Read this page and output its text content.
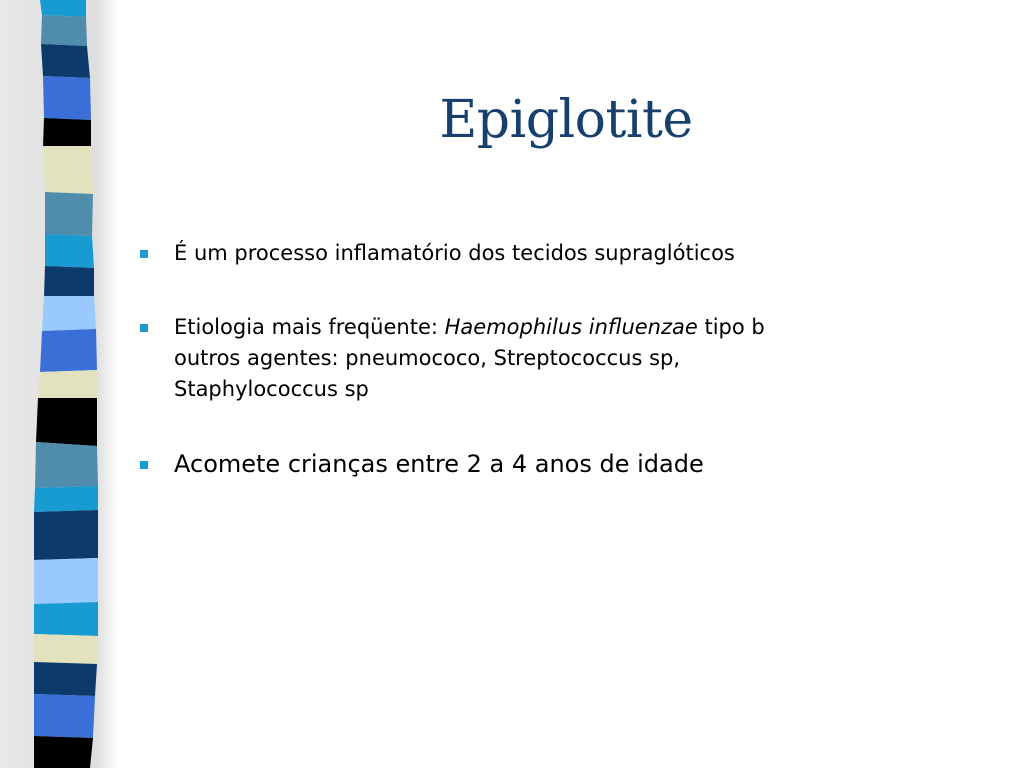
Epiglotite
É um processo inflamatório dos tecidos supraglóticos
Etiologia mais freqüente: Haemophilus influenzae tipo b
outros agentes: pneumococo, Streptococcus sp,
Staphylococcus sp
Acomete crianças entre 2 a 4 anos de idade
